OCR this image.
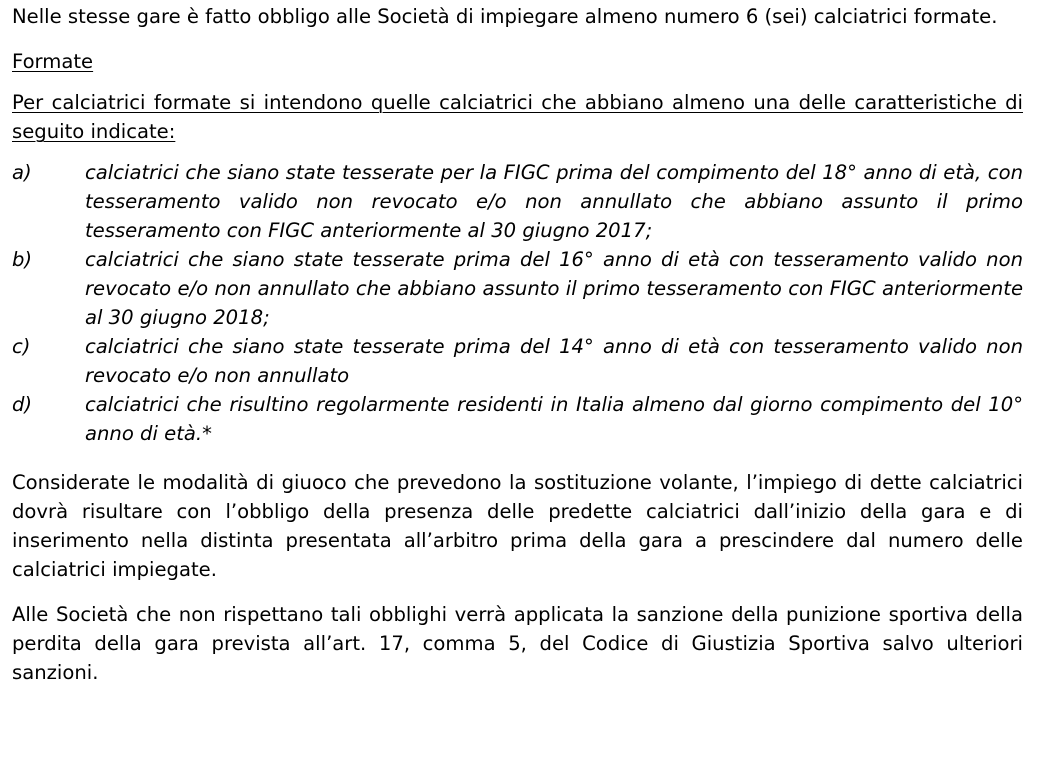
Nelle stesse gare è fatto obbligo alle Società di impiegare almeno numero 6 (sei) calciatrici formate.

Formate

Per calciatrici formate si intendono quelle calciatrici che abbiano almeno una delle caratteristiche di seguito indicate:

a)	calciatrici che siano state tesserate per la FIGC prima del compimento del 18° anno di età, con tesseramento valido non revocato e/o non annullato che abbiano assunto il primo tesseramento con FIGC anteriormente al 30 giugno 2017;
b)	calciatrici che siano state tesserate prima del 16° anno di età con tesseramento valido non revocato e/o non annullato che abbiano assunto il primo tesseramento con FIGC anteriormente al 30 giugno 2018;
c)	calciatrici che siano state tesserate prima del 14° anno di età con tesseramento valido non revocato e/o non annullato
d)	calciatrici che risultino regolarmente residenti in Italia almeno dal giorno compimento del 10° anno di età.*

Considerate le modalità di giuoco che prevedono la sostituzione volante, l’impiego di dette calciatrici dovrà risultare con l’obbligo della presenza delle predette calciatrici dall’inizio della gara e di inserimento nella distinta presentata all’arbitro prima della gara a prescindere dal numero delle calciatrici impiegate.

Alle Società che non rispettano tali obblighi verrà applicata la sanzione della punizione sportiva della perdita della gara prevista all’art. 17, comma 5, del Codice di Giustizia Sportiva salvo ulteriori sanzioni.
